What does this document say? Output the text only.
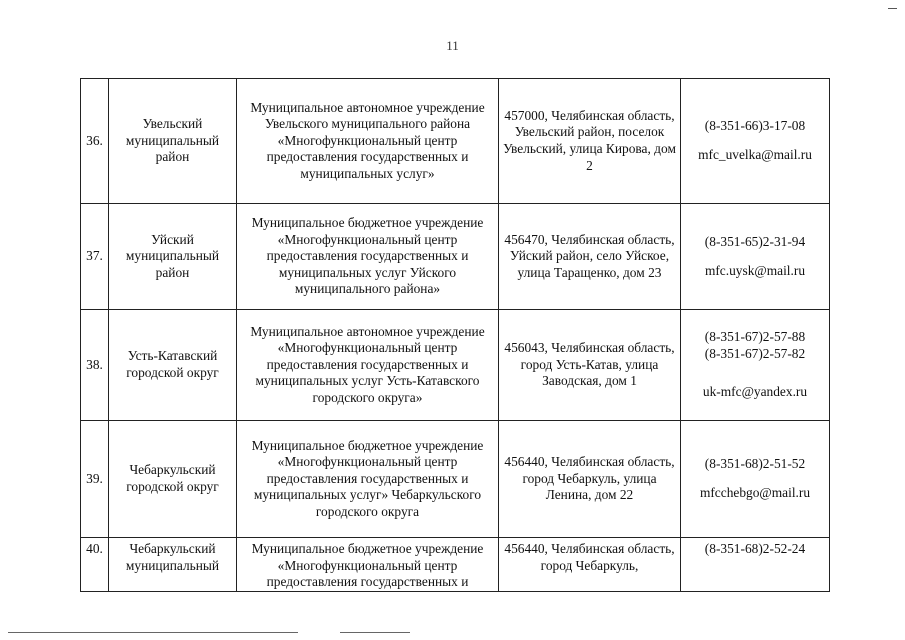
11
36.	Увельский муниципальный район	Муниципальное автономное учреждение Увельского муниципального района «Многофункциональный центр предоставления государственных и муниципальных услуг»	457000, Челябинская область, Увельский район, поселок Увельский, улица Кирова, дом 2	(8-351-66)3-17-08
mfc_uvelka@mail.ru

37.	Уйский муниципальный район	Муниципальное бюджетное учреждение «Многофункциональный центр предоставления государственных и муниципальных услуг Уйского муниципального района»	456470, Челябинская область, Уйский район, село Уйское, улица Таращенко, дом 23	(8-351-65)2-31-94
mfc.uysk@mail.ru

38.	Усть-Катавский городской округ	Муниципальное автономное учреждение «Многофункциональный центр предоставления государственных и муниципальных услуг Усть-Катавского городского округа»	456043, Челябинская область, город Усть-Катав, улица Заводская, дом 1	(8-351-67)2-57-88
(8-351-67)2-57-82
uk-mfc@yandex.ru

39.	Чебаркульский городской округ	Муниципальное бюджетное учреждение «Многофункциональный центр предоставления государственных и муниципальных услуг» Чебаркульского городского округа	456440, Челябинская область, город Чебаркуль, улица Ленина, дом 22	(8-351-68)2-51-52
mfcchebgo@mail.ru

40.	Чебаркульский муниципальный	Муниципальное бюджетное учреждение «Многофункциональный центр предоставления государственных и	456440, Челябинская область, город Чебаркуль,	(8-351-68)2-52-24
